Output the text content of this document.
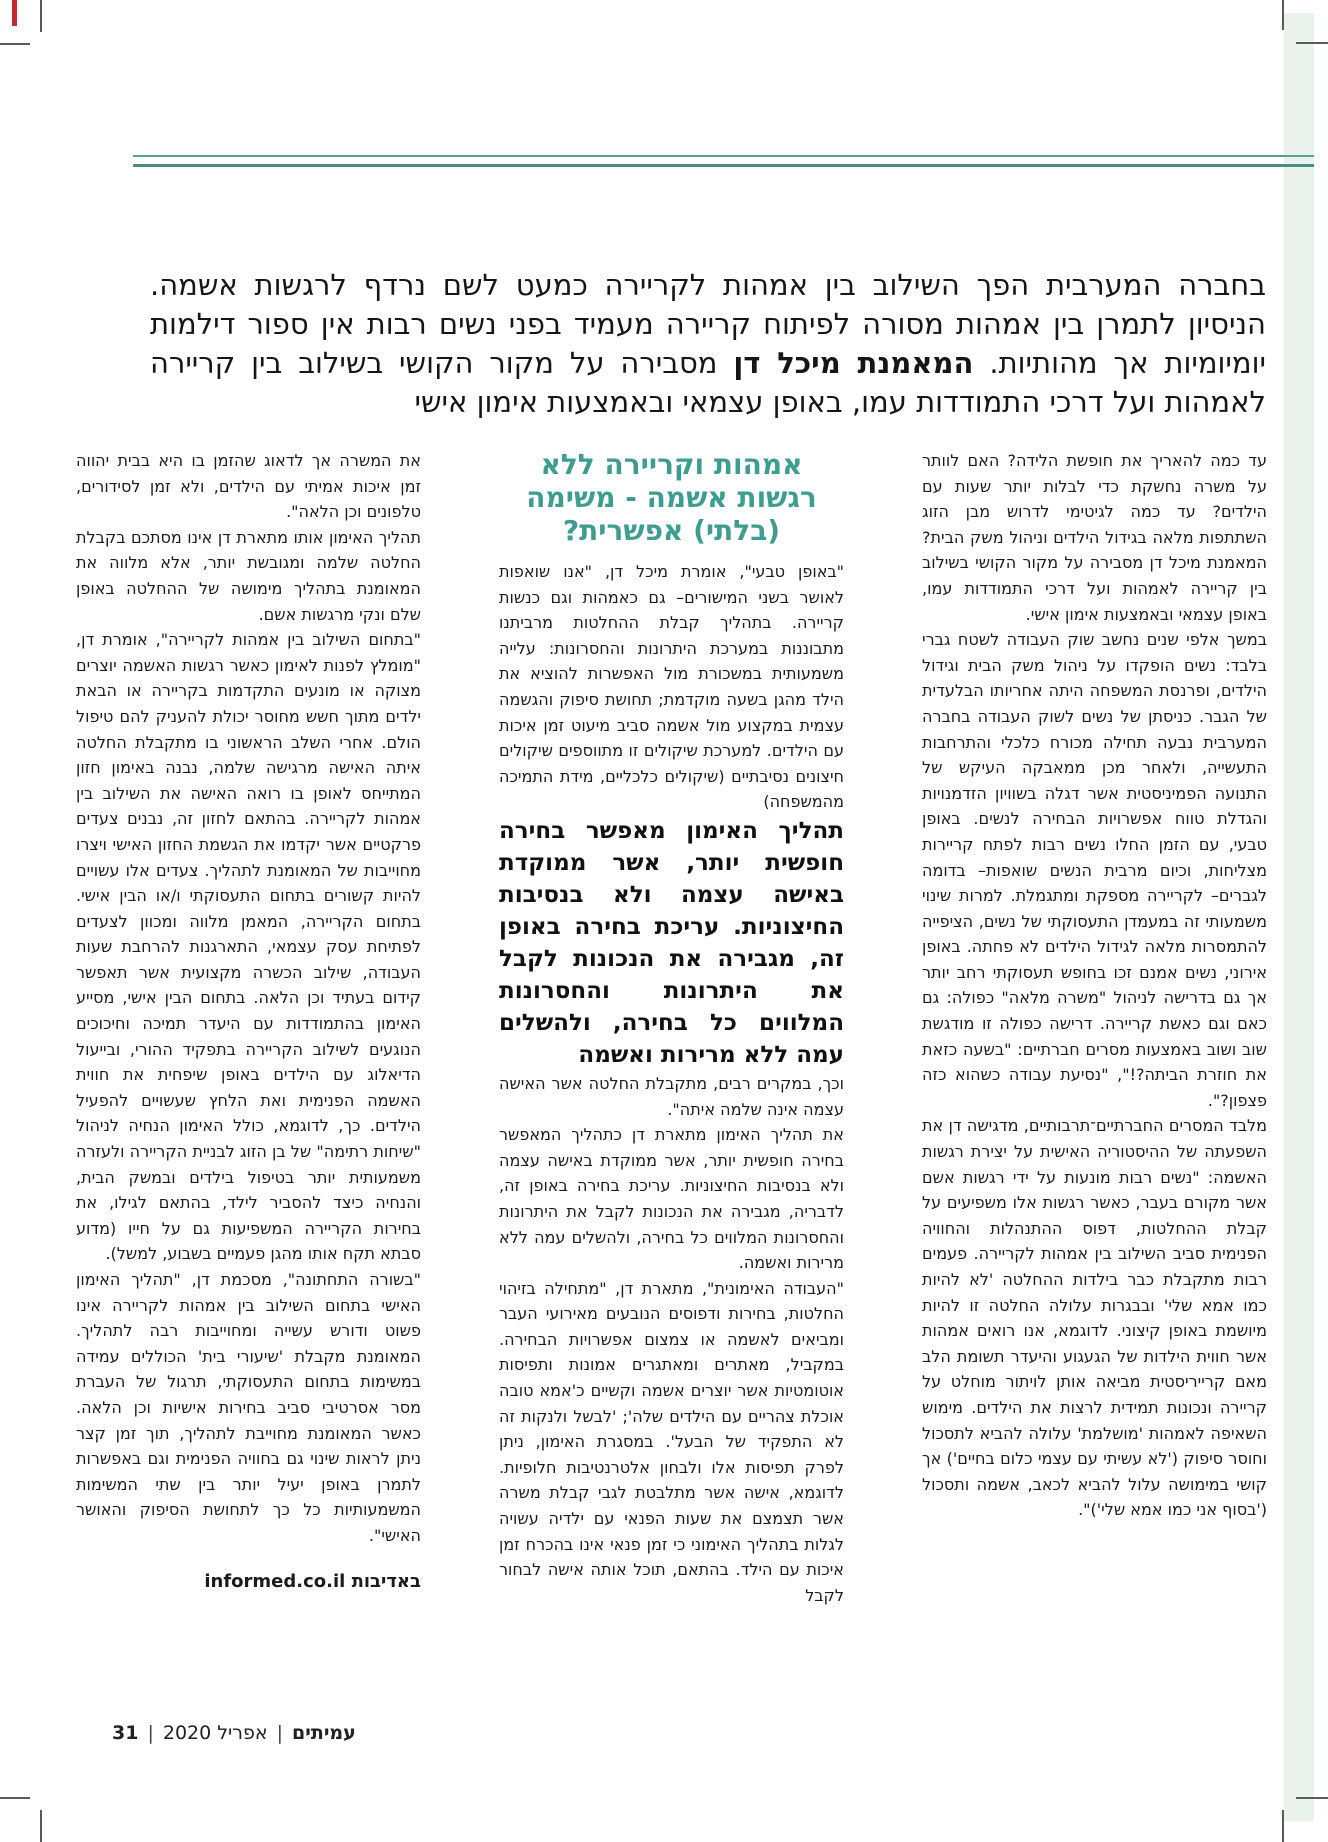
בחברה המערבית הפך השילוב בין אמהות לקריירה כמעט לשם נרדף לרגשות אשמה. הניסיון לתמרן בין אמהות מסורה לפיתוח קריירה מעמיד בפני נשים רבות אין ספור דילמות יומיומיות אך מהותיות. המאמנת מיכל דן מסבירה על מקור הקושי בשילוב בין קריירה לאמהות ועל דרכי התמודדות עמו, באופן עצמאי ובאמצעות אימון אישי

עד כמה להאריך את חופשת הלידה? האם לוותר על משרה נחשקת כדי לבלות יותר שעות עם הילדים? עד כמה לגיטימי לדרוש מבן הזוג השתתפות מלאה בגידול הילדים וניהול משק הבית? המאמנת מיכל דן מסבירה על מקור הקושי בשילוב בין קריירה לאמהות ועל דרכי התמודדות עמו, באופן עצמאי ובאמצעות אימון אישי.

במשך אלפי שנים נחשב שוק העבודה לשטח גברי בלבד: נשים הופקדו על ניהול משק הבית וגידול הילדים, ופרנסת המשפחה היתה אחריותו הבלעדית של הגבר. כניסתן של נשים לשוק העבודה בחברה המערבית נבעה תחילה מכורח כלכלי והתרחבות התעשייה, ולאחר מכן ממאבקה העיקש של התנועה הפמיניסטית אשר דגלה בשוויון הזדמנויות והגדלת טווח אפשרויות הבחירה לנשים. באופן טבעי, עם הזמן החלו נשים רבות לפתח קריירות מצליחות, וכיום מרבית הנשים שואפות– בדומה לגברים– לקריירה מספקת ומתגמלת. למרות שינוי משמעותי זה במעמדן התעסוקתי של נשים, הציפייה להתמסרות מלאה לגידול הילדים לא פחתה. באופן אירוני, נשים אמנם זכו בחופש תעסוקתי רחב יותר אך גם בדרישה לניהול "משרה מלאה" כפולה: גם כאם וגם כאשת קריירה. דרישה כפולה זו מודגשת שוב ושוב באמצעות מסרים חברתיים: "בשעה כזאת את חוזרת הביתה?!", "נסיעת עבודה כשהוא כזה פצפון?".

מלבד המסרים החברתיים־תרבותיים, מדגישה דן את השפעתה של ההיסטוריה האישית על יצירת רגשות האשמה: "נשים רבות מונעות על ידי רגשות אשם אשר מקורם בעבר, כאשר רגשות אלו משפיעים על קבלת ההחלטות, דפוס ההתנהלות והחוויה הפנימית סביב השילוב בין אמהות לקריירה. פעמים רבות מתקבלת כבר בילדות ההחלטה 'לא להיות כמו אמא שלי' ובבגרות עלולה החלטה זו להיות מיושמת באופן קיצוני. לדוגמא, אנו רואים אמהות אשר חווית הילדות של הגעגוע והיעדר תשומת הלב מאם קרייריסטית מביאה אותן לויתור מוחלט על קריירה ונכונות תמידית לרצות את הילדים. מימוש השאיפה לאמהות 'מושלמת' עלולה להביא לתסכול וחוסר סיפוק ('לא עשיתי עם עצמי כלום בחיים') אך קושי במימושה עלול להביא לכאב, אשמה ותסכול ('בסוף אני כמו אמא שלי')".

אמהות וקריירה ללא
רגשות אשמה - משימה
(בלתי) אפשרית?

"באופן טבעי", אומרת מיכל דן, "אנו שואפות לאושר בשני המישורים– גם כאמהות וגם כנשות קריירה. בתהליך קבלת ההחלטות מרביתנו מתבוננות במערכת היתרונות והחסרונות: עלייה משמעותית במשכורת מול האפשרות להוציא את הילד מהגן בשעה מוקדמת; תחושת סיפוק והגשמה עצמית במקצוע מול אשמה סביב מיעוט זמן איכות עם הילדים. למערכת שיקולים זו מתווספים שיקולים חיצונים נסיבתיים (שיקולים כלכליים, מידת התמיכה מהמשפחה)

תהליך האימון מאפשר בחירה חופשית יותר, אשר ממוקדת באישה עצמה ולא בנסיבות החיצוניות. עריכת בחירה באופן זה, מגבירה את הנכונות לקבל את היתרונות והחסרונות המלווים כל בחירה, ולהשלים עמה ללא מרירות ואשמה

וכך, במקרים רבים, מתקבלת החלטה אשר האישה עצמה אינה שלמה איתה".

את תהליך האימון מתארת דן כתהליך המאפשר בחירה חופשית יותר, אשר ממוקדת באישה עצמה ולא בנסיבות החיצוניות. עריכת בחירה באופן זה, לדבריה, מגבירה את הנכונות לקבל את היתרונות והחסרונות המלווים כל בחירה, ולהשלים עמה ללא מרירות ואשמה.

"העבודה האימונית", מתארת דן, "מתחילה בזיהוי החלטות, בחירות ודפוסים הנובעים מאירועי העבר ומביאים לאשמה או צמצום אפשרויות הבחירה. במקביל, מאתרים ומאתגרים אמונות ותפיסות אוטומטיות אשר יוצרים אשמה וקשיים כ'אמא טובה אוכלת צהריים עם הילדים שלה'; 'לבשל ולנקות זה לא התפקיד של הבעל'. במסגרת האימון, ניתן לפרק תפיסות אלו ולבחון אלטרנטיבות חלופיות. לדוגמא, אישה אשר מתלבטת לגבי קבלת משרה אשר תצמצם את שעות הפנאי עם ילדיה עשויה לגלות בתהליך האימוני כי זמן פנאי אינו בהכרח זמן איכות עם הילד. בהתאם, תוכל אותה אישה לבחור לקבל

את המשרה אך לדאוג שהזמן בו היא בבית יהווה זמן איכות אמיתי עם הילדים, ולא זמן לסידורים, טלפונים וכן הלאה".

תהליך האימון אותו מתארת דן אינו מסתכם בקבלת החלטה שלמה ומגובשת יותר, אלא מלווה את המאומנת בתהליך מימושה של ההחלטה באופן שלם ונקי מרגשות אשם.

"בתחום השילוב בין אמהות לקריירה", אומרת דן, "מומלץ לפנות לאימון כאשר רגשות האשמה יוצרים מצוקה או מונעים התקדמות בקריירה או הבאת ילדים מתוך חשש מחוסר יכולת להעניק להם טיפול הולם. אחרי השלב הראשוני בו מתקבלת החלטה איתה האישה מרגישה שלמה, נבנה באימון חזון המתייחס לאופן בו רואה האישה את השילוב בין אמהות לקריירה. בהתאם לחזון זה, נבנים צעדים פרקטיים אשר יקדמו את הגשמת החזון האישי ויצרו מחוייבות של המאומנת לתהליך. צעדים אלו עשויים להיות קשורים בתחום התעסוקתי ו/או הבין אישי. בתחום הקריירה, המאמן מלווה ומכוון לצעדים לפתיחת עסק עצמאי, התארגנות להרחבת שעות העבודה, שילוב הכשרה מקצועית אשר תאפשר קידום בעתיד וכן הלאה. בתחום הבין אישי, מסייע האימון בהתמודדות עם היעדר תמיכה וחיכוכים הנוגעים לשילוב הקריירה בתפקיד ההורי, ובייעול הדיאלוג עם הילדים באופן שיפחית את חווית האשמה הפנימית ואת הלחץ שעשויים להפעיל הילדים. כך, לדוגמא, כולל האימון הנחיה לניהול "שיחות רתימה" של בן הזוג לבניית הקריירה ולעזרה משמעותית יותר בטיפול בילדים ובמשק הבית, והנחיה כיצד להסביר לילד, בהתאם לגילו, את בחירות הקריירה המשפיעות גם על חייו (מדוע סבתא תקח אותו מהגן פעמיים בשבוע, למשל).

"בשורה התחתונה", מסכמת דן, "תהליך האימון האישי בתחום השילוב בין אמהות לקריירה אינו פשוט ודורש עשייה ומחוייבות רבה לתהליך. המאומנת מקבלת 'שיעורי בית' הכוללים עמידה במשימות בתחום התעסוקתי, תרגול של העברת מסר אסרטיבי סביב בחירות אישיות וכן הלאה. כאשר המאומנת מחוייבת לתהליך, תוך זמן קצר ניתן לראות שינוי גם בחוויה הפנימית וגם באפשרות לתמרן באופן יעיל יותר בין שתי המשימות המשמעותיות כל כך לתחושת הסיפוק והאושר האישי".

באדיבות informed.co.il

עמיתים|אפריל 2020|31
